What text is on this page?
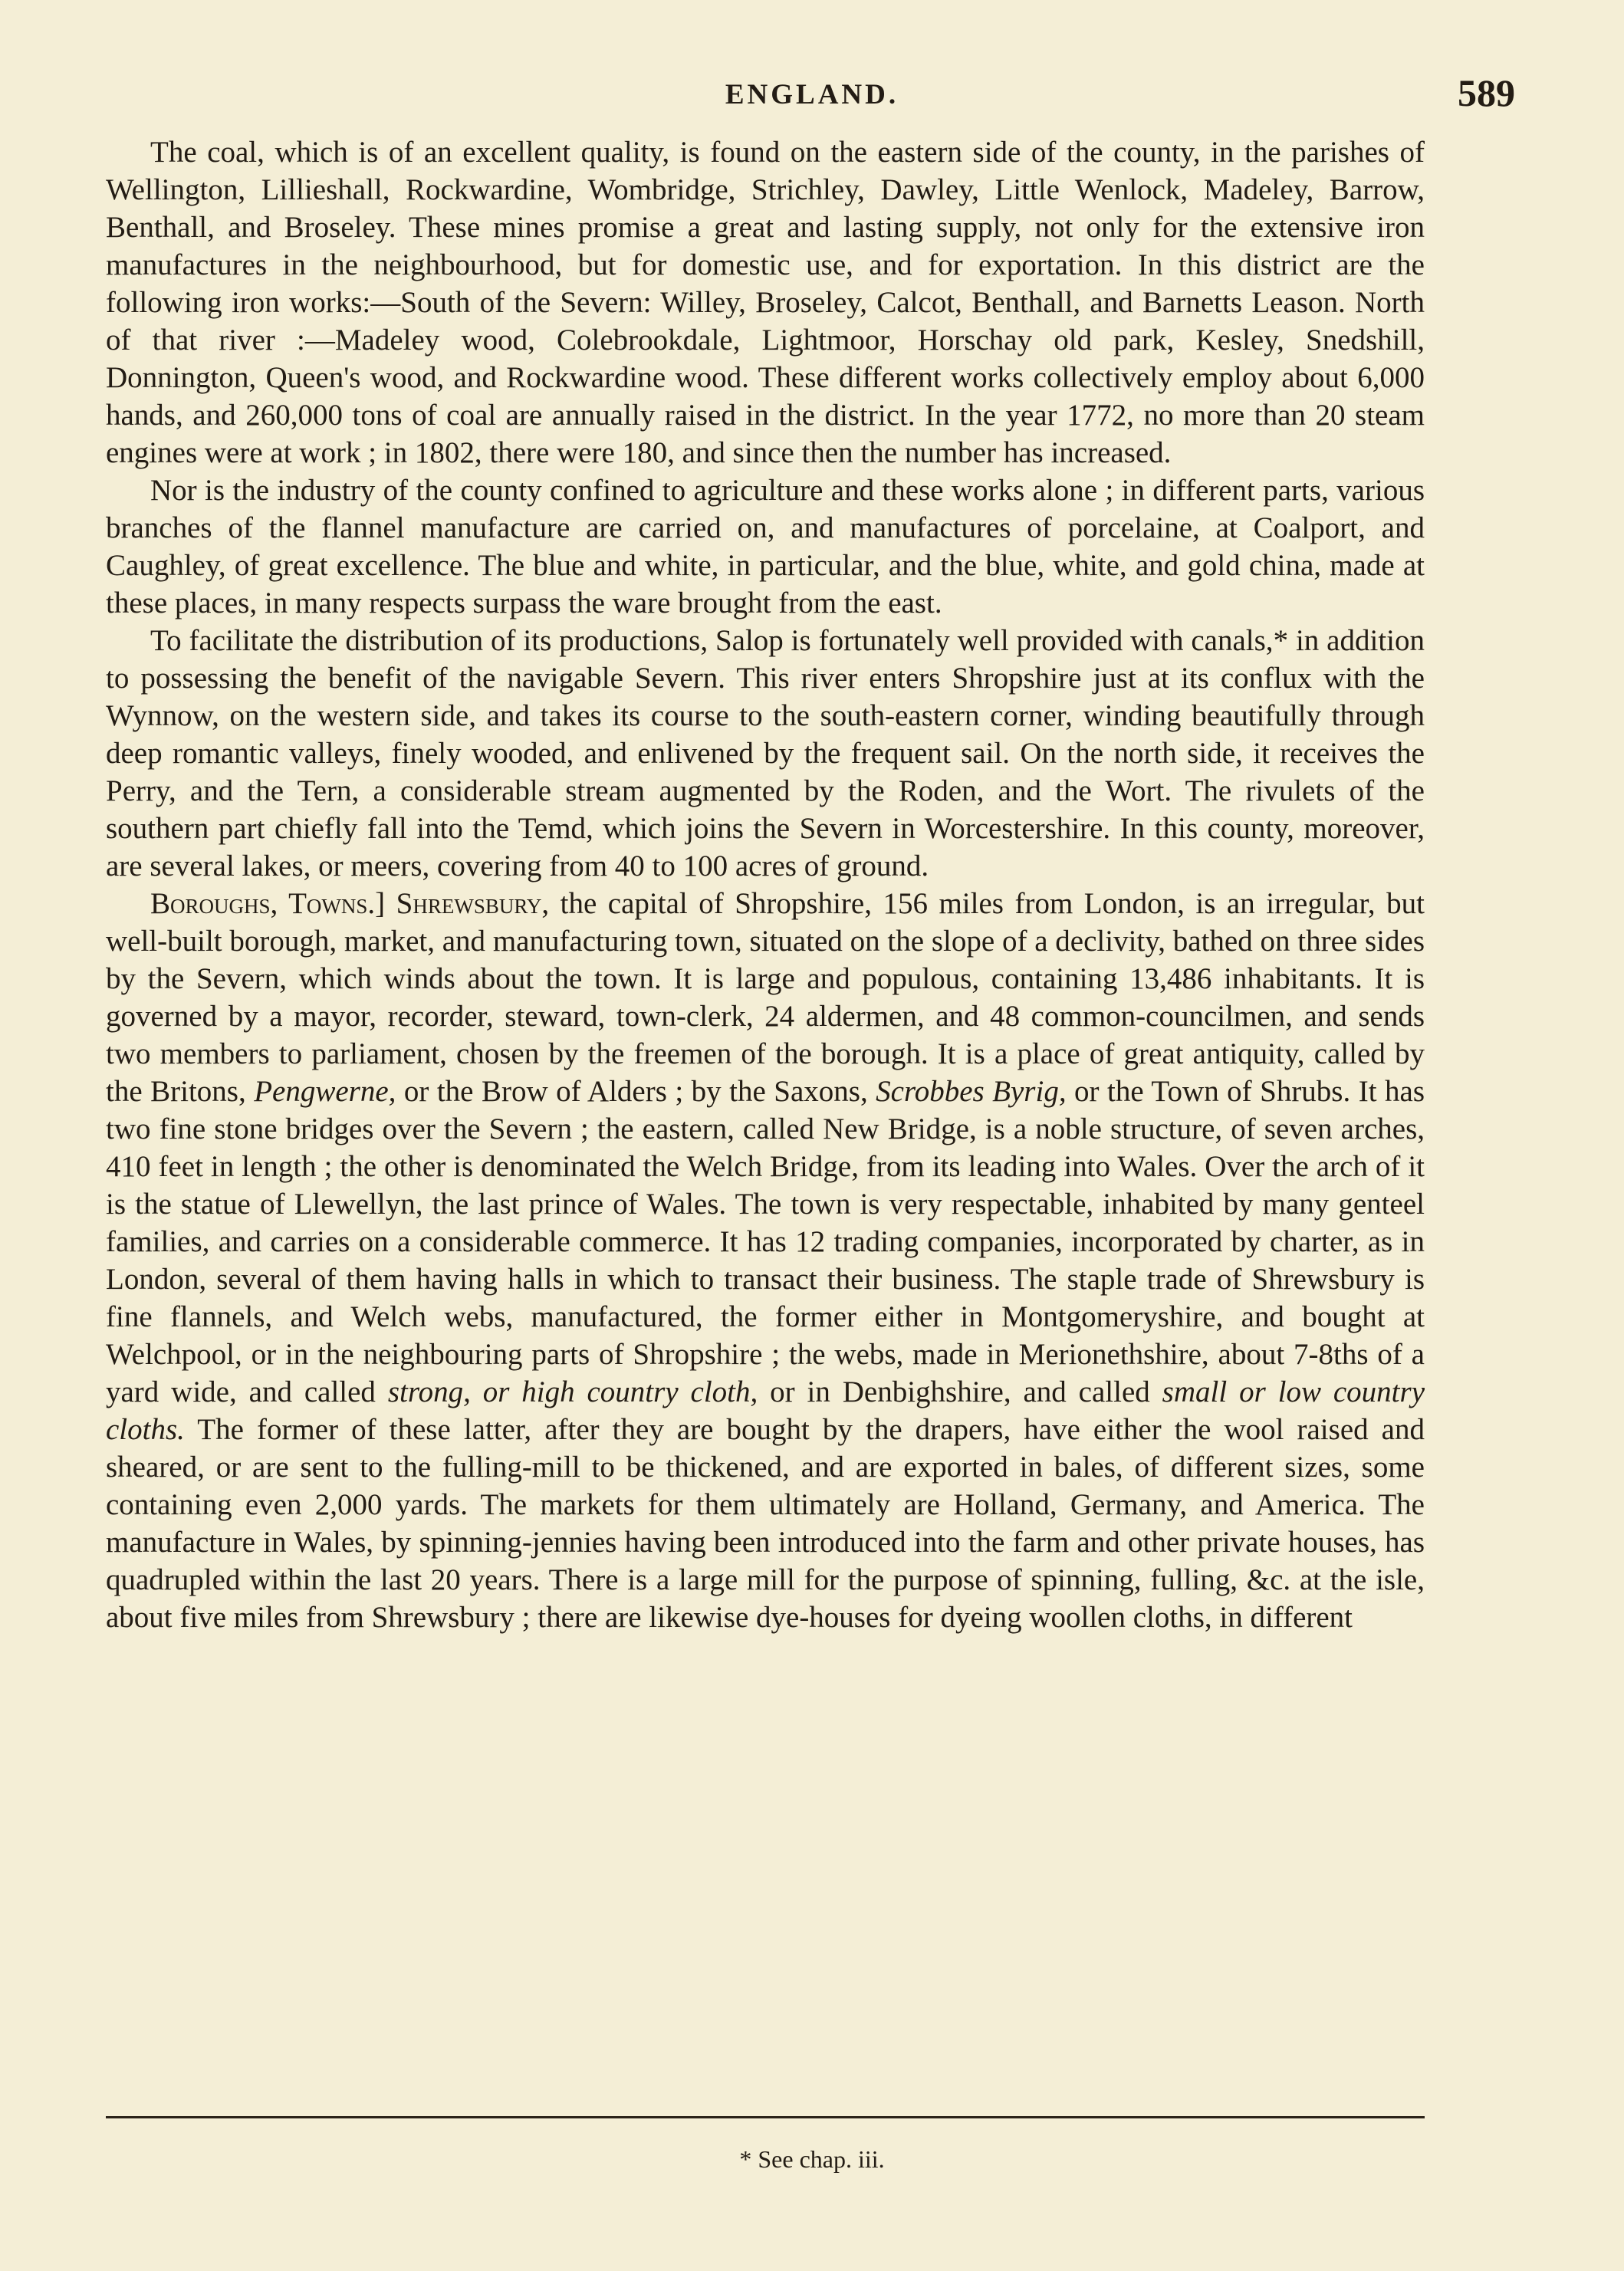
ENGLAND.	589

The coal, which is of an excellent quality, is found on the eastern side of the county, in the parishes of Wellington, Lillieshall, Rockwardine, Wombridge, Strichley, Dawley, Little Wenlock, Madeley, Barrow, Benthall, and Broseley. These mines promise a great and lasting supply, not only for the extensive iron manufactures in the neighbourhood, but for domestic use, and for exportation. In this district are the following iron works:—South of the Severn: Willey, Broseley, Calcot, Benthall, and Barnetts Leason. North of that river :—Madeley wood, Colebrookdale, Lightmoor, Horschay old park, Kesley, Snedshill, Donnington, Queen's wood, and Rockwardine wood. These different works collectively employ about 6,000 hands, and 260,000 tons of coal are annually raised in the district. In the year 1772, no more than 20 steam engines were at work ; in 1802, there were 180, and since then the number has increased.

Nor is the industry of the county confined to agriculture and these works alone ; in different parts, various branches of the flannel manufacture are carried on, and manufactures of porcelaine, at Coalport, and Caughley, of great excellence. The blue and white, in particular, and the blue, white, and gold china, made at these places, in many respects surpass the ware brought from the east.

To facilitate the distribution of its productions, Salop is fortunately well provided with canals,* in addition to possessing the benefit of the navigable Severn. This river enters Shropshire just at its conflux with the Wynnow, on the western side, and takes its course to the south-eastern corner, winding beautifully through deep romantic valleys, finely wooded, and enlivened by the frequent sail. On the north side, it receives the Perry, and the Tern, a considerable stream augmented by the Roden, and the Wort. The rivulets of the southern part chiefly fall into the Temd, which joins the Severn in Worcestershire. In this county, moreover, are several lakes, or meers, covering from 40 to 100 acres of ground.

Boroughs, Towns.] Shrewsbury, the capital of Shropshire, 156 miles from London, is an irregular, but well-built borough, market, and manufacturing town, situated on the slope of a declivity, bathed on three sides by the Severn, which winds about the town. It is large and populous, containing 13,486 inhabitants. It is governed by a mayor, recorder, steward, town-clerk, 24 aldermen, and 48 common-councilmen, and sends two members to parliament, chosen by the freemen of the borough. It is a place of great antiquity, called by the Britons, Pengwerne, or the Brow of Alders ; by the Saxons, Scrobbes Byrig, or the Town of Shrubs. It has two fine stone bridges over the Severn ; the eastern, called New Bridge, is a noble structure, of seven arches, 410 feet in length ; the other is denominated the Welch Bridge, from its leading into Wales. Over the arch of it is the statue of Llewellyn, the last prince of Wales. The town is very respectable, inhabited by many genteel families, and carries on a considerable commerce. It has 12 trading companies, incorporated by charter, as in London, several of them having halls in which to transact their business. The staple trade of Shrewsbury is fine flannels, and Welch webs, manufactured, the former either in Montgomeryshire, and bought at Welchpool, or in the neighbouring parts of Shropshire ; the webs, made in Merionethshire, about 7-8ths of a yard wide, and called strong, or high country cloth, or in Denbighshire, and called small or low country cloths. The former of these latter, after they are bought by the drapers, have either the wool raised and sheared, or are sent to the fulling-mill to be thickened, and are exported in bales, of different sizes, some containing even 2,000 yards. The markets for them ultimately are Holland, Germany, and America. The manufacture in Wales, by spinning-jennies having been introduced into the farm and other private houses, has quadrupled within the last 20 years. There is a large mill for the purpose of spinning, fulling, &c. at the isle, about five miles from Shrewsbury ; there are likewise dye-houses for dyeing woollen cloths, in different

* See chap. iii.
